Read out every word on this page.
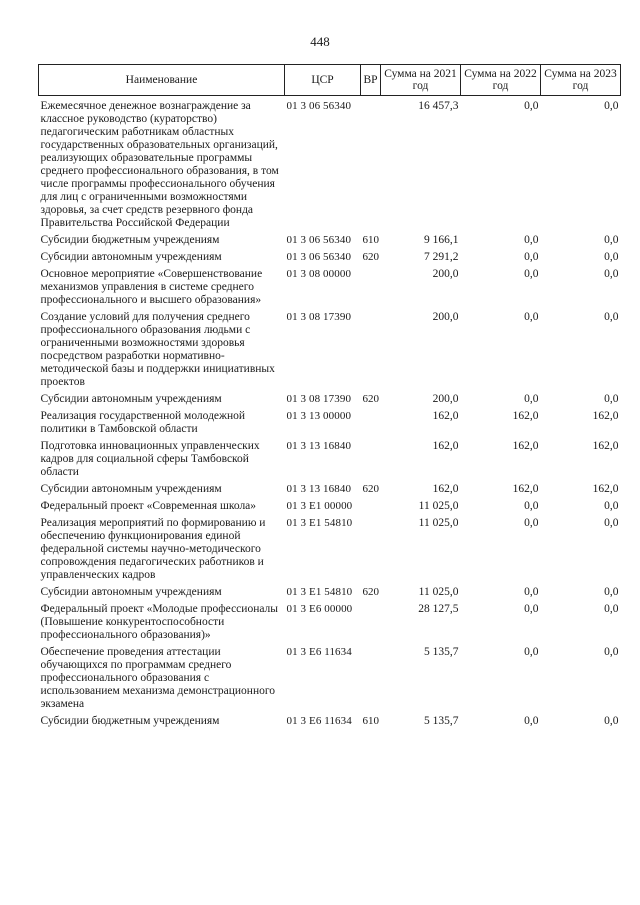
448
Наименование	ЦСР	ВР	Сумма на 2021 год	Сумма на 2022 год	Сумма на 2023 год
Ежемесячное денежное вознаграждение за классное руководство (кураторство) педагогическим работникам областных государственных образовательных организаций, реализующих образовательные программы среднего профессионального образования, в том числе программы профессионального обучения для лиц с ограниченными возможностями здоровья, за счет средств резервного фонда Правительства Российской Федерации	01 3 06 56340		16 457,3	0,0	0,0
Субсидии бюджетным учреждениям	01 3 06 56340	610	9 166,1	0,0	0,0
Субсидии автономным учреждениям	01 3 06 56340	620	7 291,2	0,0	0,0
Основное мероприятие «Совершенствование механизмов управления в системе среднего профессионального и высшего образования»	01 3 08 00000		200,0	0,0	0,0
Создание условий для получения среднего профессионального образования людьми с ограниченными возможностями здоровья посредством разработки нормативно-методической базы и поддержки инициативных проектов	01 3 08 17390		200,0	0,0	0,0
Субсидии автономным учреждениям	01 3 08 17390	620	200,0	0,0	0,0
Реализация государственной молодежной политики в Тамбовской области	01 3 13 00000		162,0	162,0	162,0
Подготовка инновационных управленческих кадров для социальной сферы Тамбовской области	01 3 13 16840		162,0	162,0	162,0
Субсидии автономным учреждениям	01 3 13 16840	620	162,0	162,0	162,0
Федеральный проект «Современная школа»	01 3 E1 00000		11 025,0	0,0	0,0
Реализация мероприятий по формированию и обеспечению функционирования единой федеральной системы научно-методического сопровождения педагогических работников и управленческих кадров	01 3 E1 54810		11 025,0	0,0	0,0
Субсидии автономным учреждениям	01 3 E1 54810	620	11 025,0	0,0	0,0
Федеральный проект «Молодые профессионалы (Повышение конкурентоспособности профессионального образования)»	01 3 E6 00000		28 127,5	0,0	0,0
Обеспечение проведения аттестации обучающихся по программам среднего профессионального образования с использованием механизма демонстрационного экзамена	01 3 E6 11634		5 135,7	0,0	0,0
Субсидии бюджетным учреждениям	01 3 E6 11634	610	5 135,7	0,0	0,0
